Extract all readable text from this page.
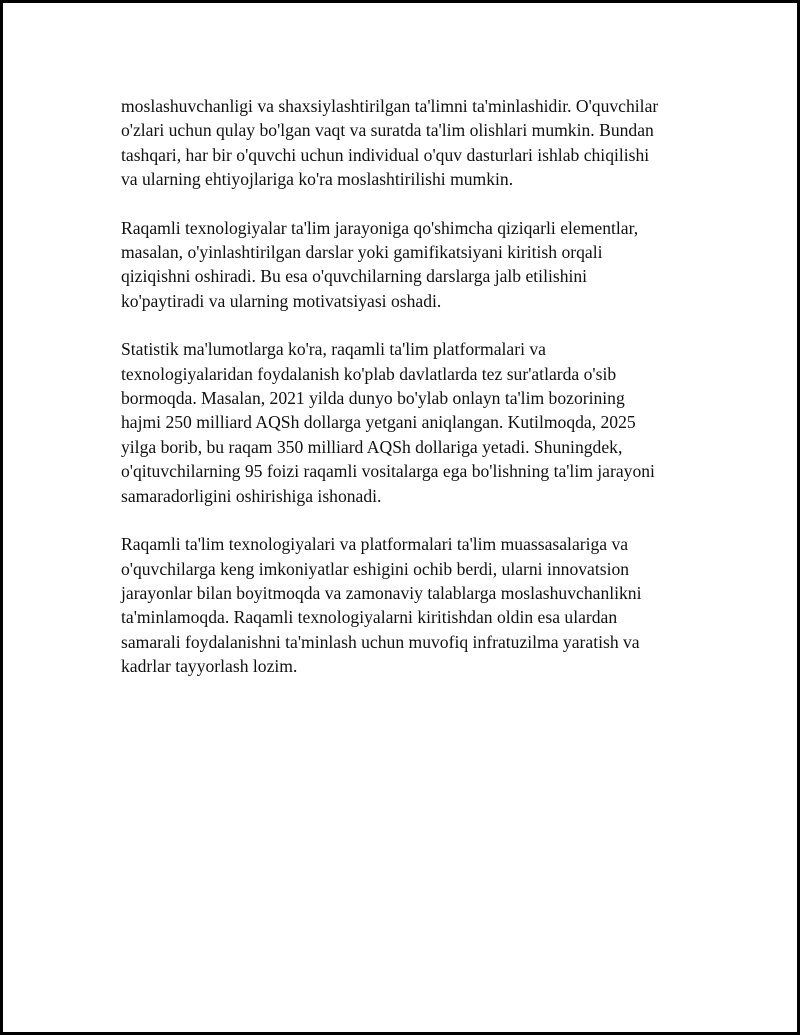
moslashuvchanligi va shaxsiylashtirilgan ta'limni ta'minlashidir. O'quvchilar
o'zlari uchun qulay bo'lgan vaqt va suratda ta'lim olishlari mumkin. Bundan
tashqari, har bir o'quvchi uchun individual o'quv dasturlari ishlab chiqilishi
va ularning ehtiyojlariga ko'ra moslashtirilishi mumkin.

Raqamli texnologiyalar ta'lim jarayoniga qo'shimcha qiziqarli elementlar,
masalan, o'yinlashtirilgan darslar yoki gamifikatsiyani kiritish orqali
qiziqishni oshiradi. Bu esa o'quvchilarning darslarga jalb etilishini
ko'paytiradi va ularning motivatsiyasi oshadi.

Statistik ma'lumotlarga ko'ra, raqamli ta'lim platformalari va
texnologiyalaridan foydalanish ko'plab davlatlarda tez sur'atlarda o'sib
bormoqda. Masalan, 2021 yilda dunyo bo'ylab onlayn ta'lim bozorining
hajmi 250 milliard AQSh dollarga yetgani aniqlangan. Kutilmoqda, 2025
yilga borib, bu raqam 350 milliard AQSh dollariga yetadi. Shuningdek,
o'qituvchilarning 95 foizi raqamli vositalarga ega bo'lishning ta'lim jarayoni
samaradorligini oshirishiga ishonadi.

Raqamli ta'lim texnologiyalari va platformalari ta'lim muassasalariga va
o'quvchilarga keng imkoniyatlar eshigini ochib berdi, ularni innovatsion
jarayonlar bilan boyitmoqda va zamonaviy talablarga moslashuvchanlikni
ta'minlamoqda. Raqamli texnologiyalarni kiritishdan oldin esa ulardan
samarali foydalanishni ta'minlash uchun muvofiq infratuzilma yaratish va
kadrlar tayyorlash lozim.
